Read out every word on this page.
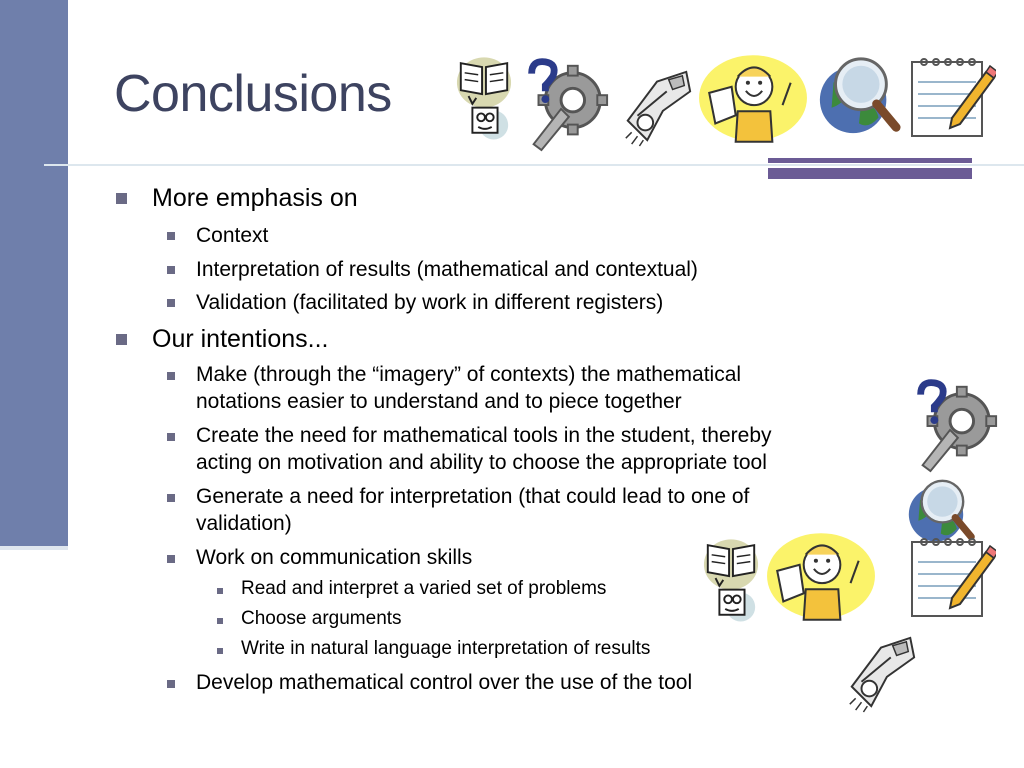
Conclusions
More emphasis on
Context
Interpretation of results (mathematical and contextual)
Validation (facilitated by work in different registers)
Our intentions...
Make (through the “imagery” of contexts) the mathematical
notations easier to understand and to piece together
Create the need for mathematical tools in the student, thereby
acting on motivation and ability to choose the appropriate tool
Generate a need for interpretation (that could lead to one of
validation)
Work on communication skills
Read and interpret a varied set of problems
Choose arguments
Write in natural language interpretation of results
Develop mathematical control over the use of the tool
